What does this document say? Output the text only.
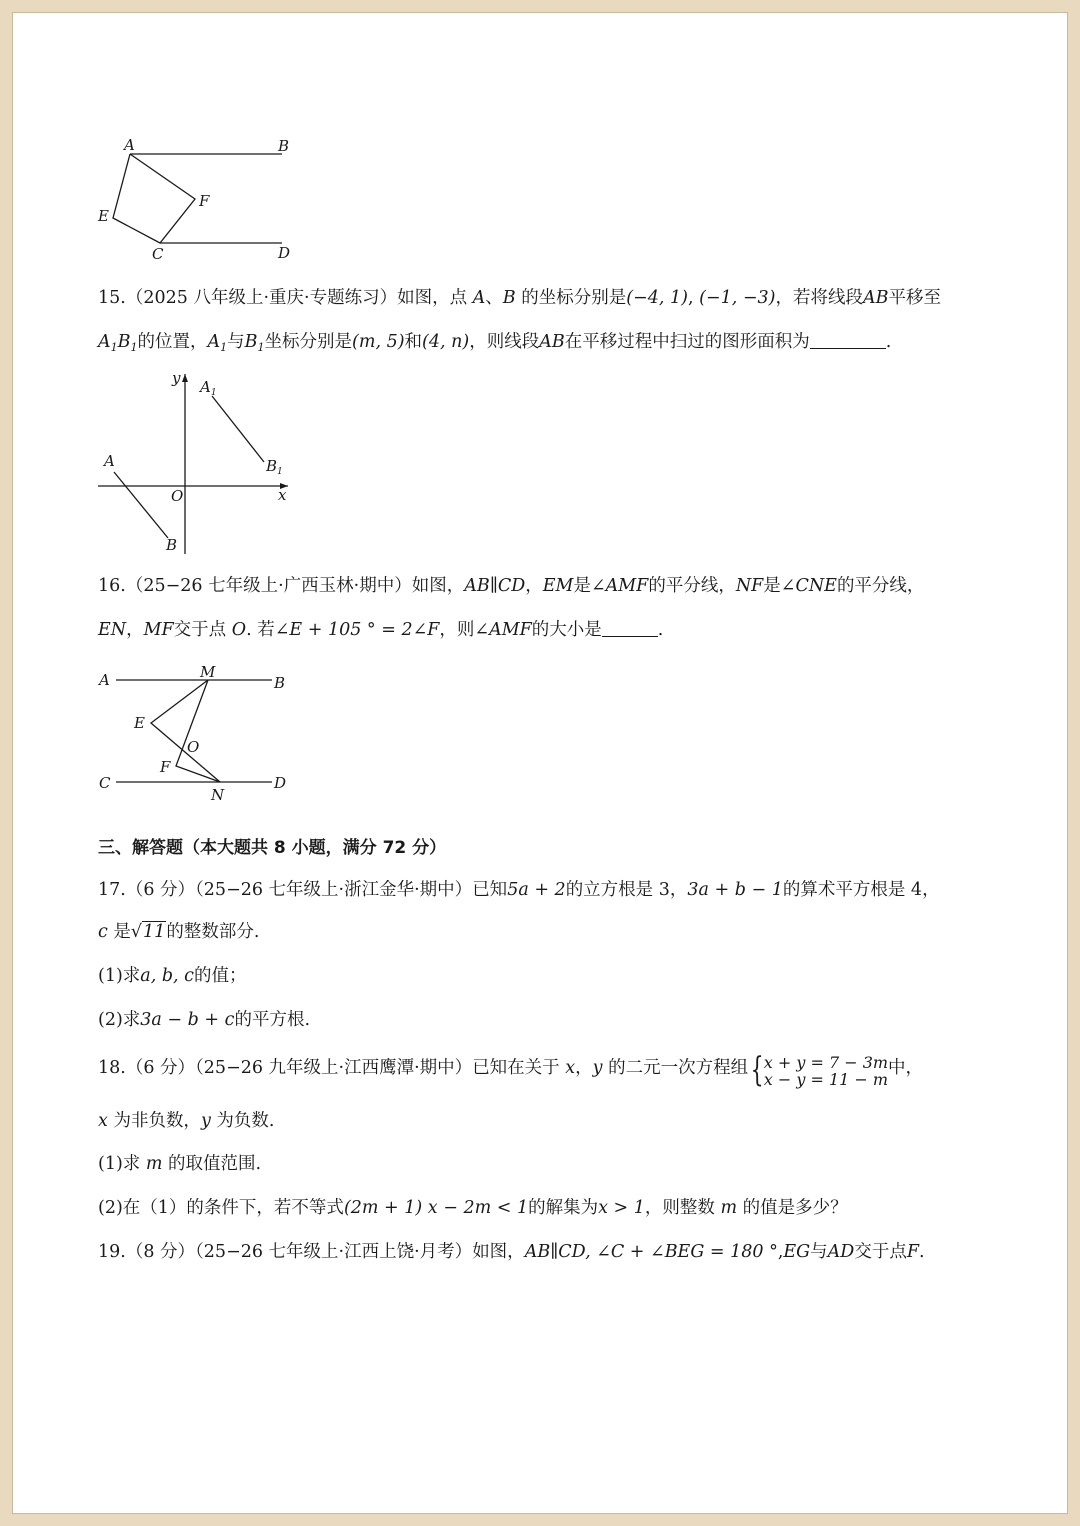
A	B
E
F
C	D
15.（2025 八年级上·重庆·专题练习）如图，点 A、B 的坐标分别是(−4, 1), (−1, −3)，若将线段AB平移至
$A_1B_1$的位置，$A_1$与$B_1$坐标分别是(m, 5)和(4, n)，则线段AB在平移过程中扫过的图形面积为	.
y
x
O
A
B
$A_1$
$B_1$
16.（25−26 七年级上·广西玉林·期中）如图，AB∥CD，EM是∠AMF的平分线，NF是∠CNE的平分线，
EN，MF交于点 O. 若∠E + 105 ° = 2∠F，则∠AMF的大小是	.
A	B
M
E
O
F
C	D
N
三、解答题（本大题共 8 小题，满分 72 分）
17.（6 分）（25−26 七年级上·浙江金华·期中）已知5a + 2的立方根是 3，3a + b − 1的算术平方根是 4，
c 是√11的整数部分.
(1)求a, b, c的值；
(2)求3a − b + c的平方根.
18.（6 分）（25−26 九年级上·江西鹰潭·期中）已知在关于 x，y 的二元一次方程组{x + y = 7 − 3m
x − y = 11 − m中，
x 为非负数，y 为负数.
(1)求 m 的取值范围.
(2)在（1）的条件下，若不等式(2m + 1) x − 2m < 1的解集为x > 1，则整数 m 的值是多少？
19.（8 分）（25−26 七年级上·江西上饶·月考）如图，AB∥CD, ∠C + ∠BEG = 180 °,EG与AD交于点F.
